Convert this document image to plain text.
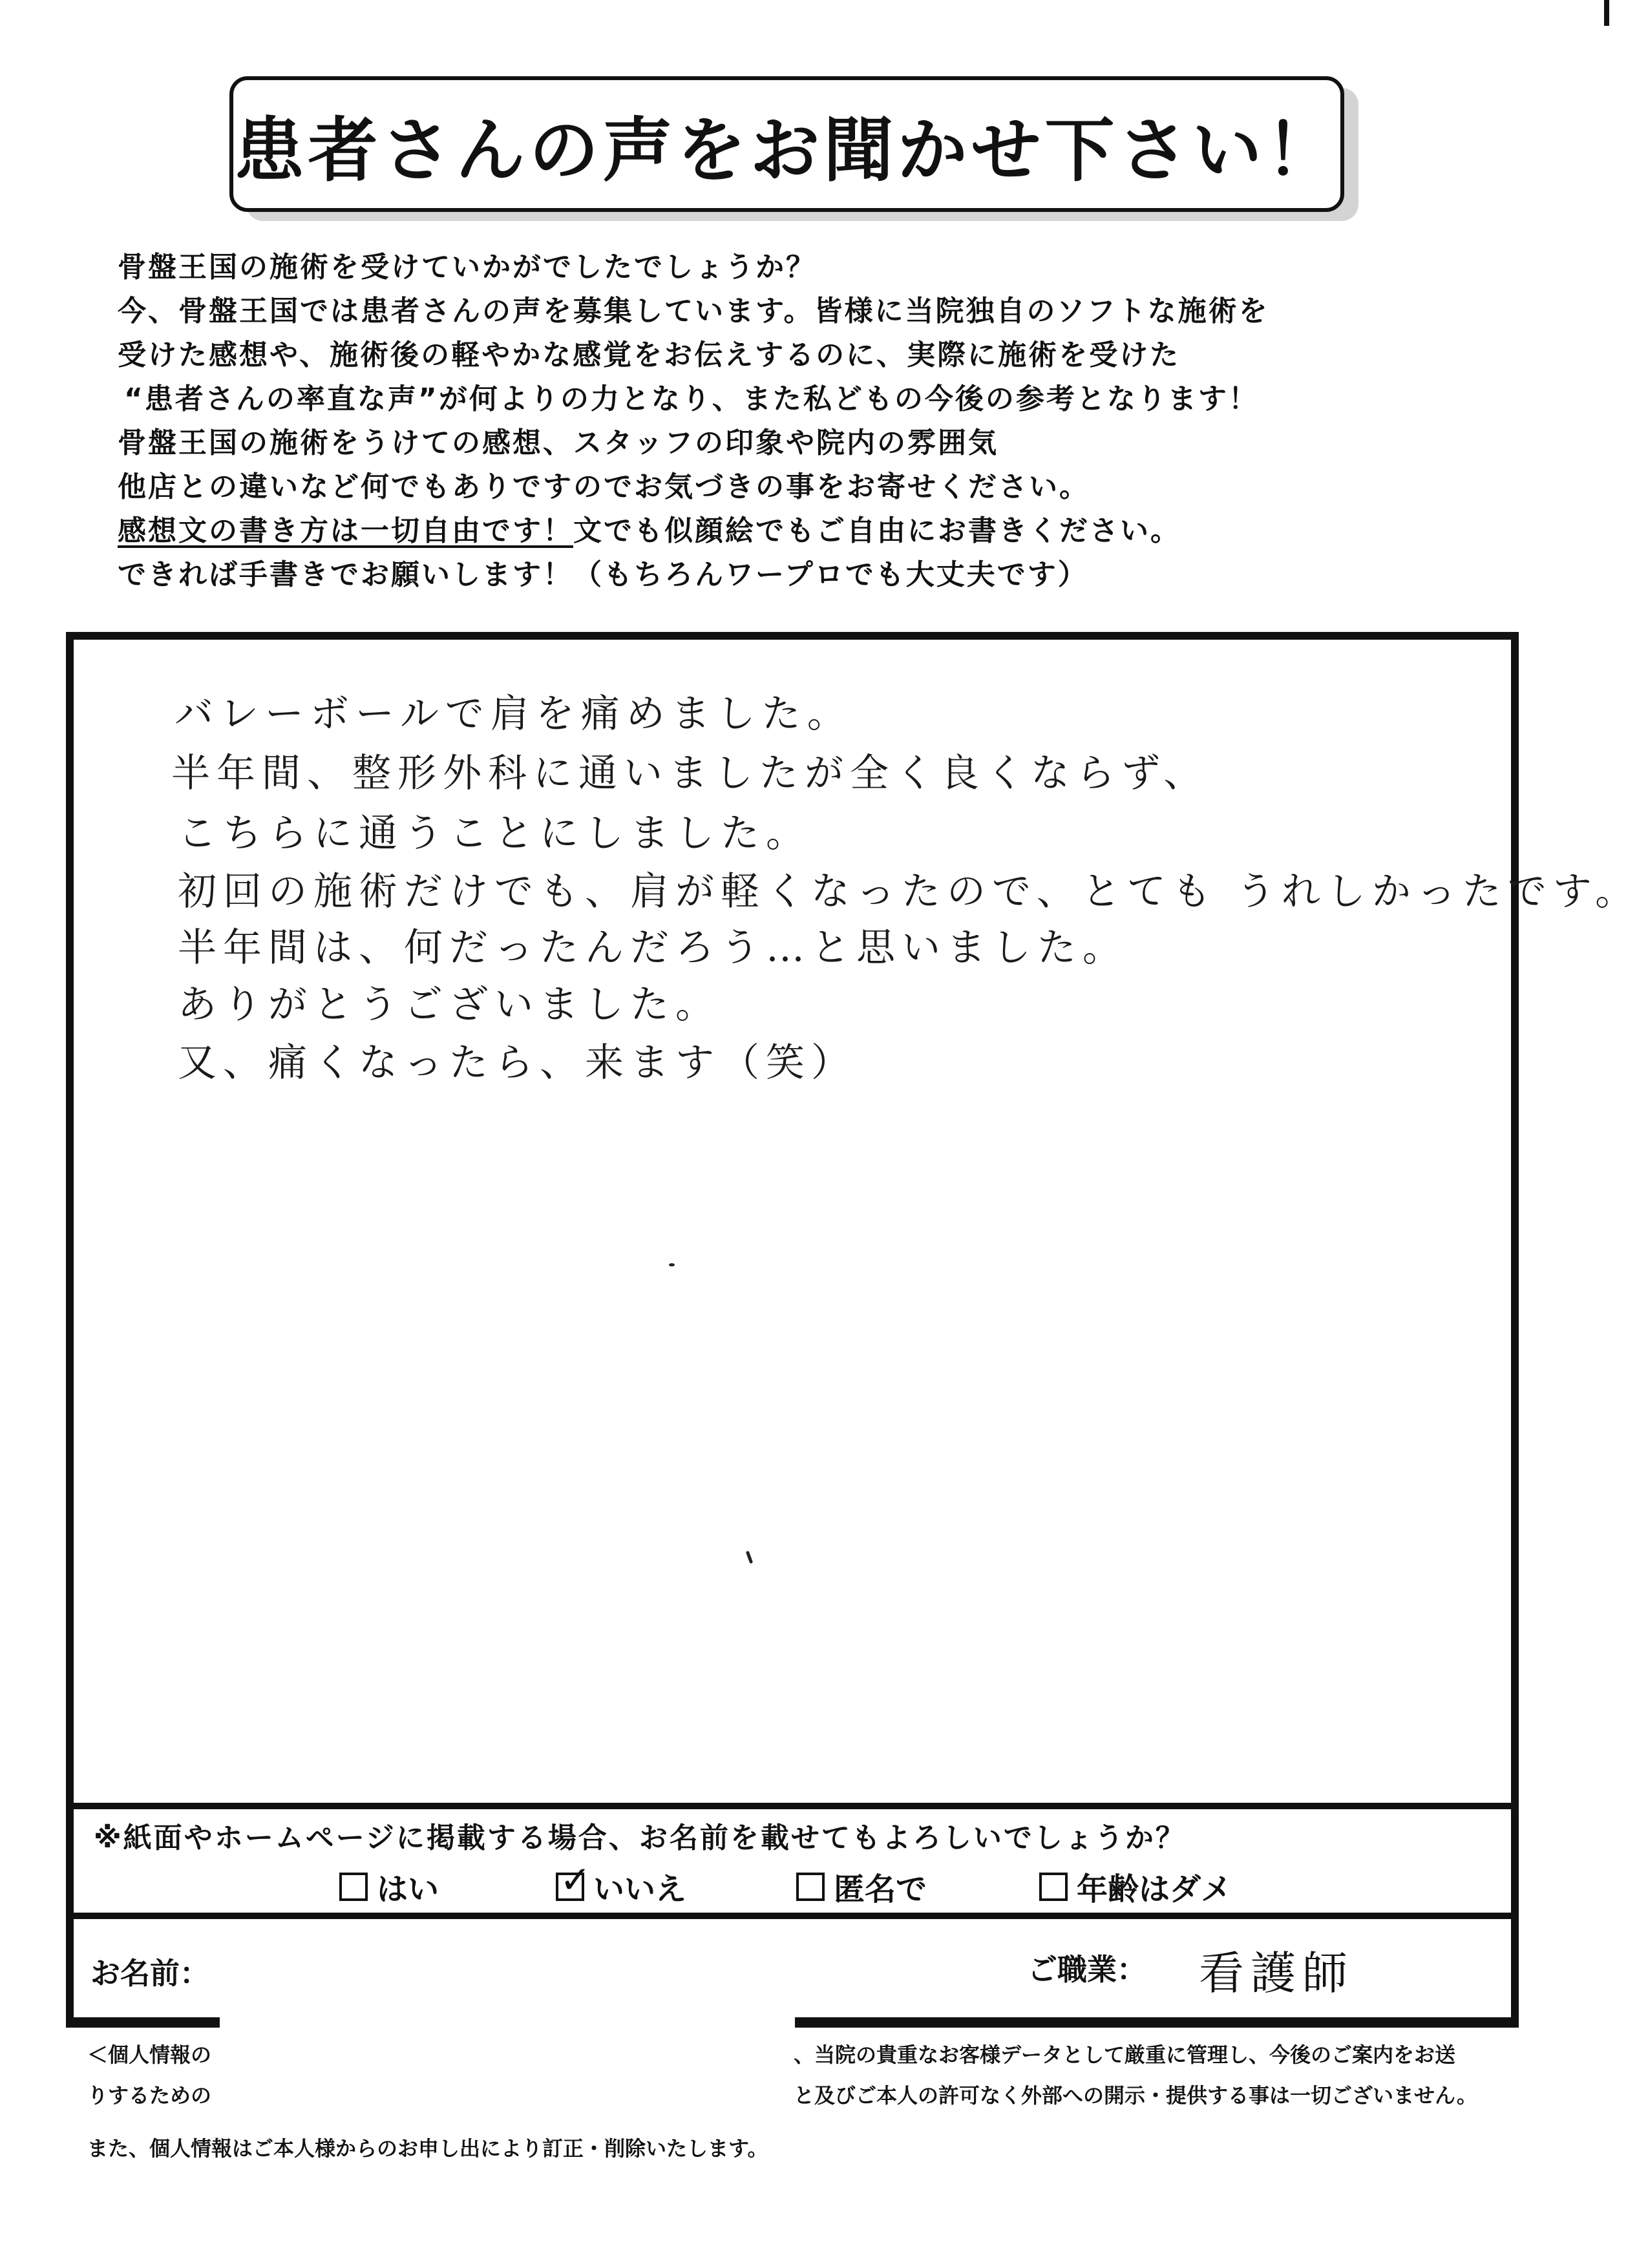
患者さんの声をお聞かせ下さい！
骨盤王国の施術を受けていかがでしたでしょうか？
今、骨盤王国では患者さんの声を募集しています。皆様に当院独自のソフトな施術を
受けた感想や、施術後の軽やかな感覚をお伝えするのに、実際に施術を受けた
“患者さんの率直な声”が何よりの力となり、また私どもの今後の参考となります！
骨盤王国の施術をうけての感想、スタッフの印象や院内の雰囲気
他店との違いなど何でもありですのでお気づきの事をお寄せください。
感想文の書き方は一切自由です！文でも似顔絵でもご自由にお書きください。
できれば手書きでお願いします！（もちろんワープロでも大丈夫です）
バレーボールで肩を痛めました。
半年間、整形外科に通いましたが全く良くならず、
こちらに通うことにしました。
初回の施術だけでも、肩が軽くなったので、とても うれしかったです。
半年間は、何だったんだろう…と思いました。
ありがとうございました。
又、痛くなったら、来ます（笑）
※紙面やホームページに掲載する場合、お名前を載せてもよろしいでしょうか？
はい	✓ いいえ	匿名で	年齢はダメ
お名前：	ご職業： 看護師
＜個人情報の	、当院の貴重なお客様データとして厳重に管理し、今後のご案内をお送
りするための	と及びご本人の許可なく外部への開示・提供する事は一切ございません。
また、個人情報はご本人様からのお申し出により訂正・削除いたします。
